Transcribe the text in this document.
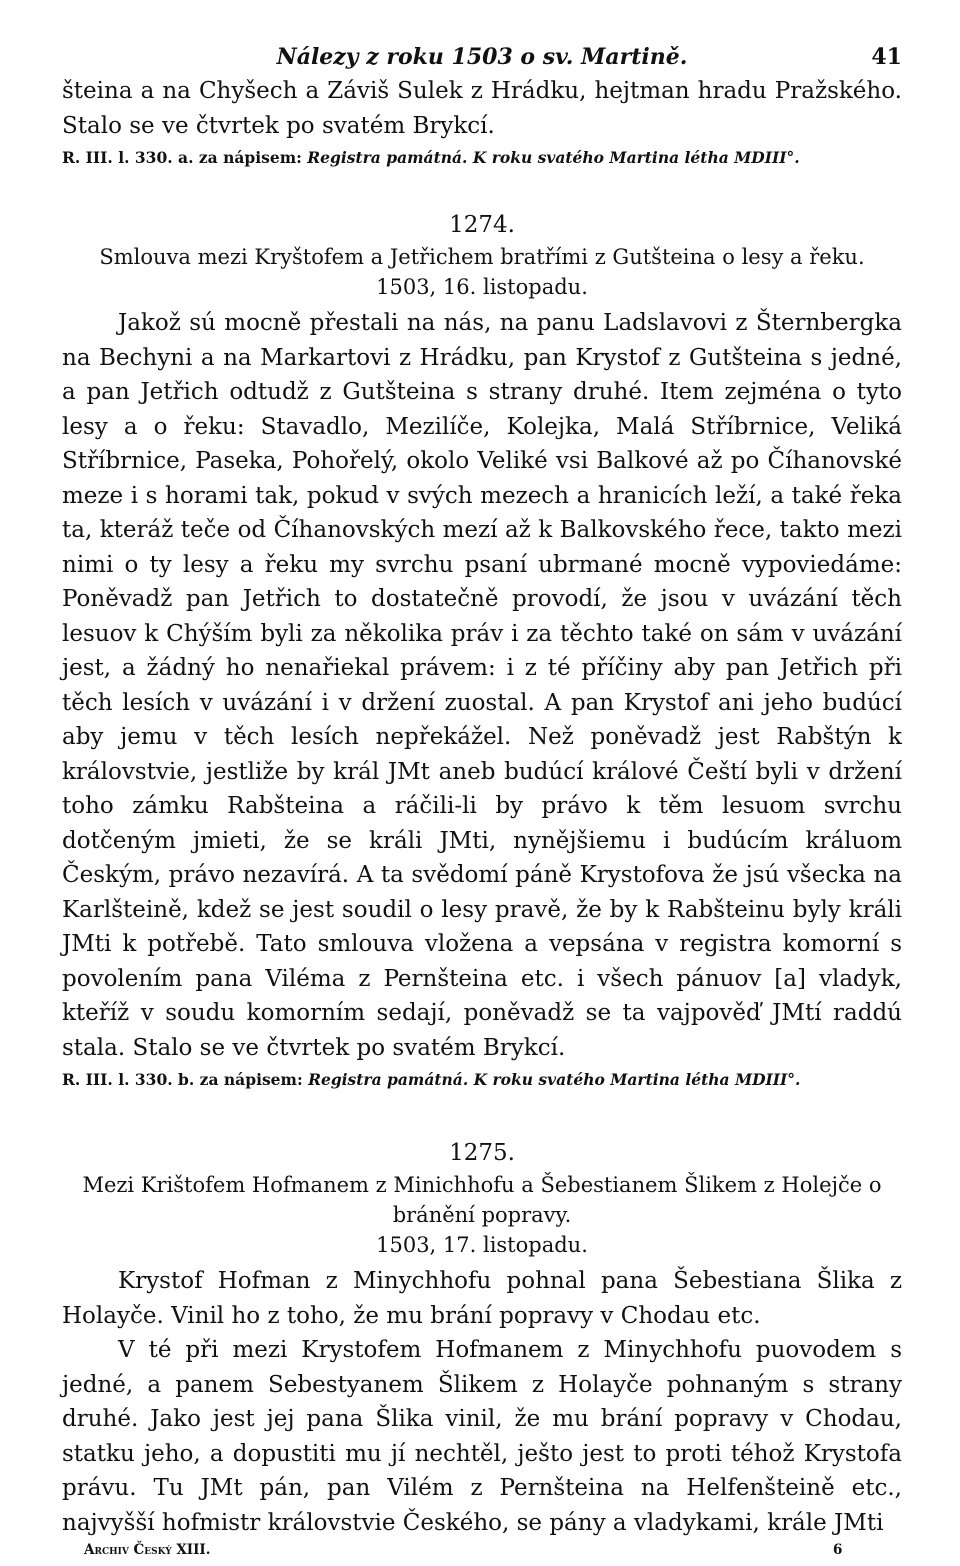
Nálezy z roku 1503 o sv. Martině.	41

šteina a na Chyšech a Záviš Sulek z Hrádku, hejtman hradu Pražského. Stalo se ve čtvrtek po svatém Brykcí.

R. III. l. 330. a. za nápisem: Registra památná. K roku svatého Martina létha MDIII°.

1274.

Smlouva mezi Kryštofem a Jetřichem bratřími z Gutšteina o lesy a řeku.

1503, 16. listopadu.

Jakož sú mocně přestali na nás, na panu Ladslavovi z Šternbergka na Bechyni a na Markartovi z Hrádku, pan Krystof z Gutšteina s jedné, a pan Jetřich odtudž z Gutšteina s strany druhé. Item zejména o tyto lesy a o řeku: Stavadlo, Mezilíče, Kolejka, Malá Stříbrnice, Veliká Stříbrnice, Paseka, Pohořelý, okolo Veliké vsi Balkové až po Číhanovské meze i s horami tak, pokud v svých mezech a hranicích leží, a také řeka ta, kteráž teče od Číhanovských mezí až k Balkovského řece, takto mezi nimi o ty lesy a řeku my svrchu psaní ubrmané mocně vypoviedáme: Poněvadž pan Jetřich to dostatečně provodí, že jsou v uvázání těch lesuov k Chýším byli za několika práv i za těchto také on sám v uvázání jest, a žádný ho nenařiekal právem: i z té příčiny aby pan Jetřich při těch lesích v uvázání i v držení zuostal. A pan Krystof ani jeho budúcí aby jemu v těch lesích nepřekážel. Než poněvadž jest Rabštýn k královstvie, jestliže by král JMt aneb budúcí králové Čeští byli v držení toho zámku Rabšteina a ráčili-li by právo k těm lesuom svrchu dotčeným jmieti, že se králi JMti, nynějšiemu i budúcím králuom Českým, právo nezavírá. A ta svědomí páně Krystofova že jsú všecka na Karlšteině, kdež se jest soudil o lesy pravě, že by k Rabšteinu byly králi JMti k potřebě. Tato smlouva vložena a vepsána v registra komorní s povolením pana Viléma z Pernšteina etc. i všech pánuov [a] vladyk, kteříž v soudu komorním sedají, poněvadž se ta vajpověď JMtí raddú stala. Stalo se ve čtvrtek po svatém Brykcí.

R. III. l. 330. b. za nápisem: Registra památná. K roku svatého Martina létha MDIII°.

1275.

Mezi Krištofem Hofmanem z Minichhofu a Šebestianem Šlikem z Holejče o bránění popravy.

1503, 17. listopadu.

Krystof Hofman z Minychhofu pohnal pana Šebestiana Šlika z Holayče. Vinil ho z toho, že mu brání popravy v Chodau etc.

V té při mezi Krystofem Hofmanem z Minychhofu puovodem s jedné, a panem Sebestyanem Šlikem z Holayče pohnaným s strany druhé. Jako jest jej pana Šlika vinil, že mu brání popravy v Chodau, statku jeho, a dopustiti mu jí nechtěl, ješto jest to proti téhož Krystofa právu. Tu JMt pán, pan Vilém z Pernšteina na Helfenšteině etc., najvyšší hofmistr královstvie Českého, se pány a vladykami, krále JMti

Archiv Český XIII.	6
